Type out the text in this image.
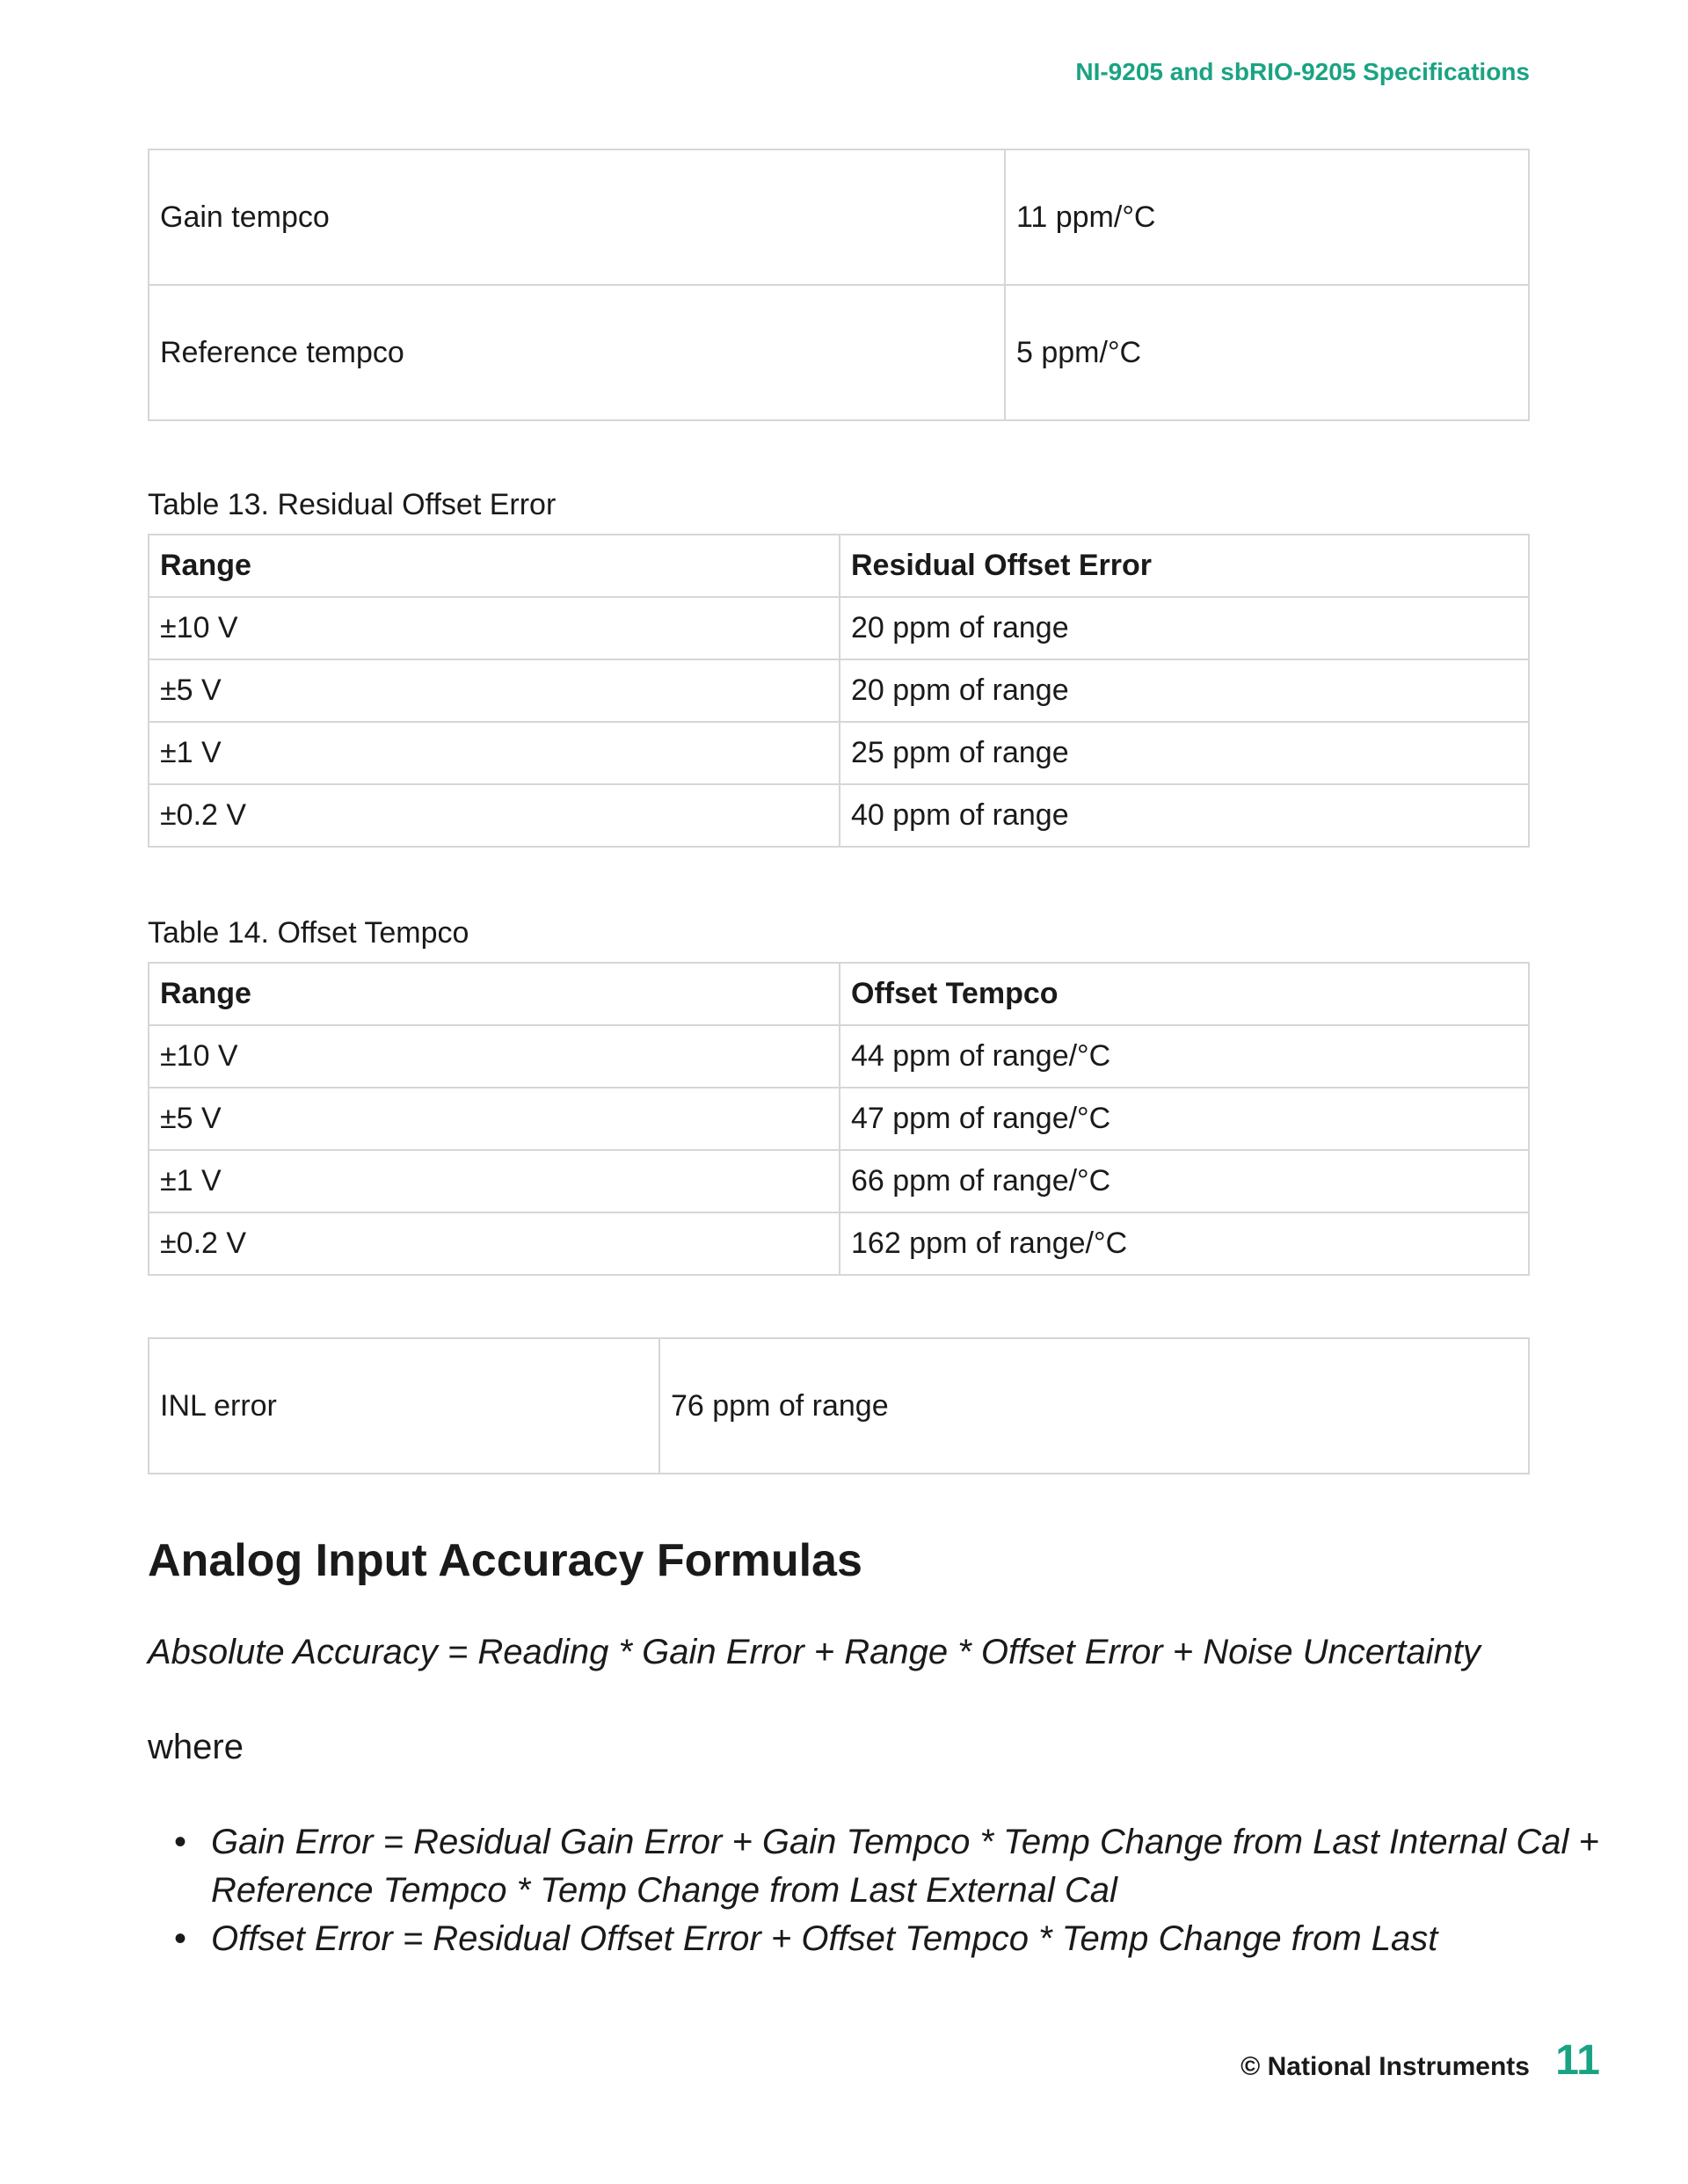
NI-9205 and sbRIO-9205 Specifications
Gain tempco	11 ppm/°C
Reference tempco	5 ppm/°C
Table 13. Residual Offset Error
Range	Residual Offset Error
±10 V	20 ppm of range
±5 V	20 ppm of range
±1 V	25 ppm of range
±0.2 V	40 ppm of range
Table 14. Offset Tempco
Range	Offset Tempco
±10 V	44 ppm of range/°C
±5 V	47 ppm of range/°C
±1 V	66 ppm of range/°C
±0.2 V	162 ppm of range/°C
INL error	76 ppm of range
Analog Input Accuracy Formulas
Absolute Accuracy = Reading * Gain Error + Range * Offset Error + Noise Uncertainty
where
• Gain Error = Residual Gain Error + Gain Tempco * Temp Change from Last Internal Cal + Reference Tempco * Temp Change from Last External Cal
• Offset Error = Residual Offset Error + Offset Tempco * Temp Change from Last
© National Instruments 11
